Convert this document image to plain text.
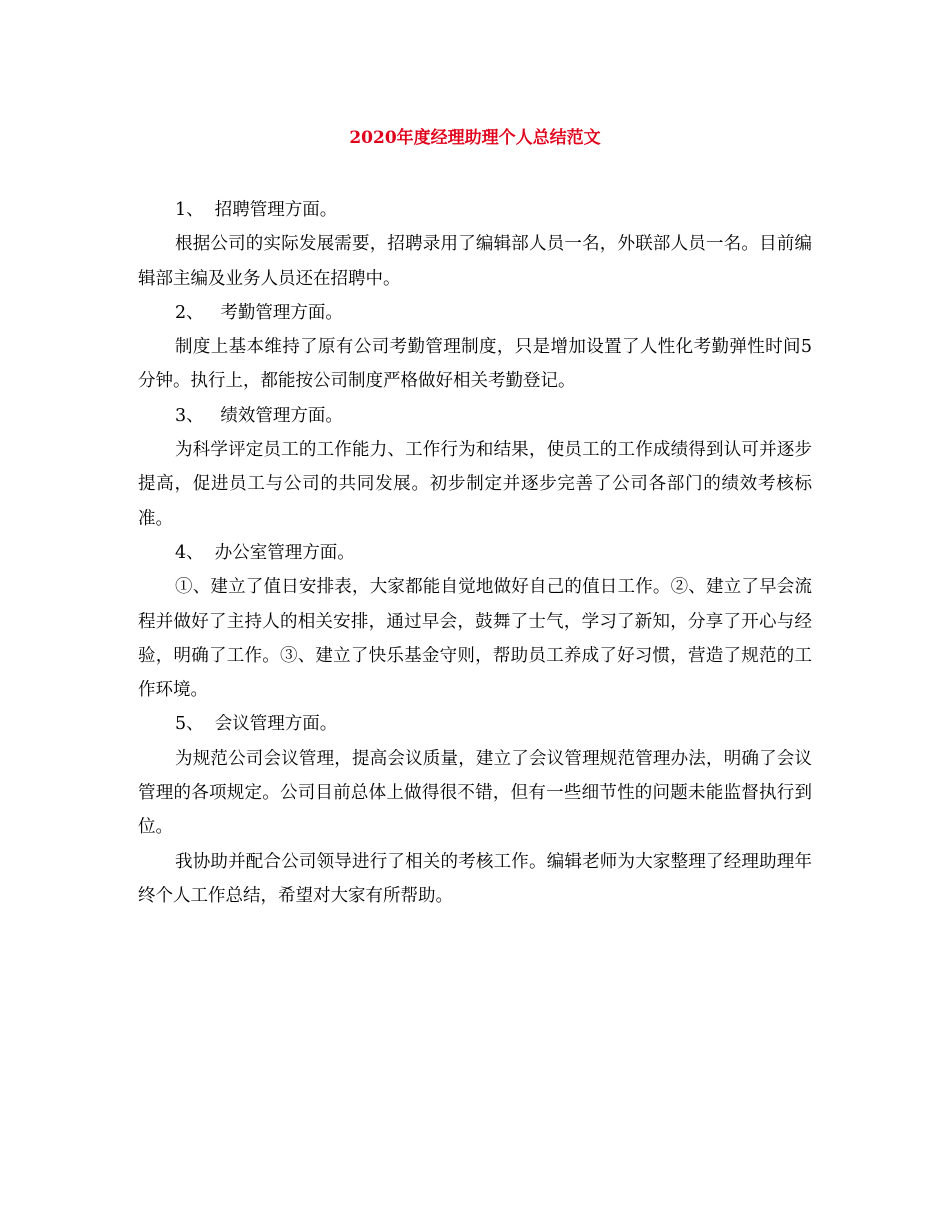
2020年度经理助理个人总结范文

1、  招聘管理方面。

根据公司的实际发展需要，招聘录用了编辑部人员一名，外联部人员一名。目前编辑部主编及业务人员还在招聘中。

2、   考勤管理方面。

制度上基本维持了原有公司考勤管理制度，只是增加设置了人性化考勤弹性时间5分钟。执行上，都能按公司制度严格做好相关考勤登记。

3、   绩效管理方面。

为科学评定员工的工作能力、工作行为和结果，使员工的工作成绩得到认可并逐步提高，促进员工与公司的共同发展。初步制定并逐步完善了公司各部门的绩效考核标准。

4、  办公室管理方面。

①、建立了值日安排表，大家都能自觉地做好自己的值日工作。②、建立了早会流程并做好了主持人的相关安排，通过早会，鼓舞了士气，学习了新知，分享了开心与经验，明确了工作。③、建立了快乐基金守则，帮助员工养成了好习惯，营造了规范的工作环境。

5、  会议管理方面。

为规范公司会议管理，提高会议质量，建立了会议管理规范管理办法，明确了会议管理的各项规定。公司目前总体上做得很不错，但有一些细节性的问题未能监督执行到位。

我协助并配合公司领导进行了相关的考核工作。编辑老师为大家整理了经理助理年终个人工作总结，希望对大家有所帮助。
